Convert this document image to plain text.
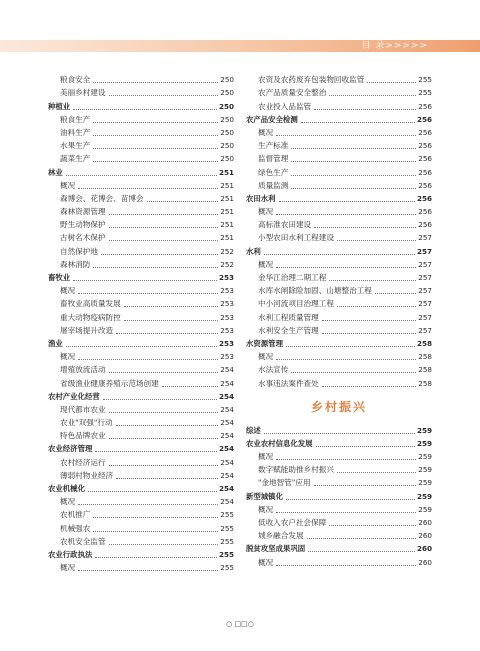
目 录>>>>>
粮食安全	250
美丽乡村建设	250
种植业	250
粮食生产	250
油料生产	250
水果生产	250
蔬菜生产	250
林业	251
概况	251
森博会、花博会、苗博会	251
森林资源管理	251
野生动物保护	251
古树名木保护	251
自然保护地	252
森林消防	252
畜牧业	253
概况	253
畜牧业高质量发展	253
重大动物疫病防控	253
屠宰场提升改造	253
渔业	253
概况	253
增殖放流活动	254
省级渔业健康养殖示范场创建	254
农村产业化经营	254
现代都市农业	254
农业"双强"行动	254
特色品牌农业	254
农业经济管理	254
农村经济运行	254
薄弱村物业经济	254
农业机械化	254
概况	254
农机推广	255
机械强农	255
农机安全监管	255
农业行政执法	255
概况	255
农资及农药废弃包装物回收监管	255
农产品质量安全整治	255
农业投入品监管	256
农产品安全检测	256
概况	256
生产标准	256
监督管理	256
绿色生产	256
质量监测	256
农田水利	256
概况	256
高标准农田建设	256
小型农田水利工程建设	257
水利	257
概况	257
金华江治理二期工程	257
水库水闸除险加固、山塘整治工程	257
中小河流项目治理工程	257
水利工程质量管理	257
水利安全生产管理	257
水资源管理	258
概况	258
水法宣传	258
水事违法案件查处	258
乡村振兴
综述	259
农业农村信息化发展	259
概况	259
数字赋能助推乡村振兴	259
"金地智管"应用	259
新型城镇化	259
概况	259
低收入农户社会保障	260
城乡融合发展	260
脱贫攻坚成果巩固	260
概况	260
○ □□○
